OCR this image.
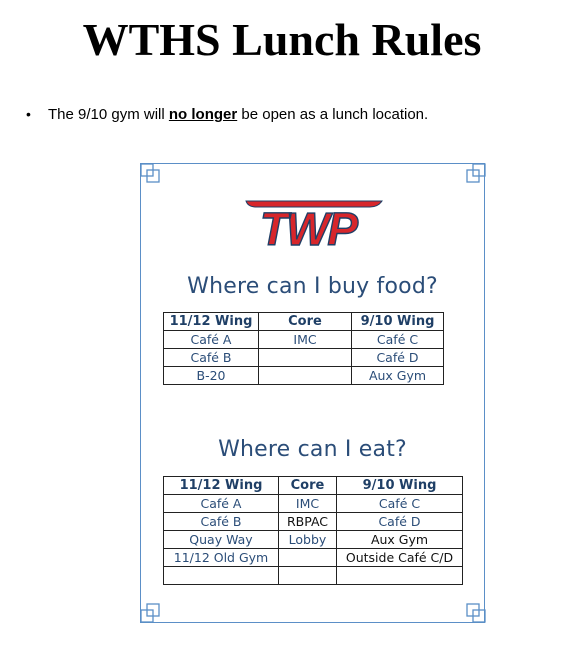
WTHS Lunch Rules
• The 9/10 gym will no longer be open as a lunch location.
TWP
Where can I buy food?
11/12 Wing	Core	9/10 Wing
Café A	IMC	Café C
Café B		Café D
B-20		Aux Gym
Where can I eat?
11/12 Wing	Core	9/10 Wing
Café A	IMC	Café C
Café B	RBPAC	Café D
Quay Way	Lobby	Aux Gym
11/12 Old Gym		Outside Café C/D
